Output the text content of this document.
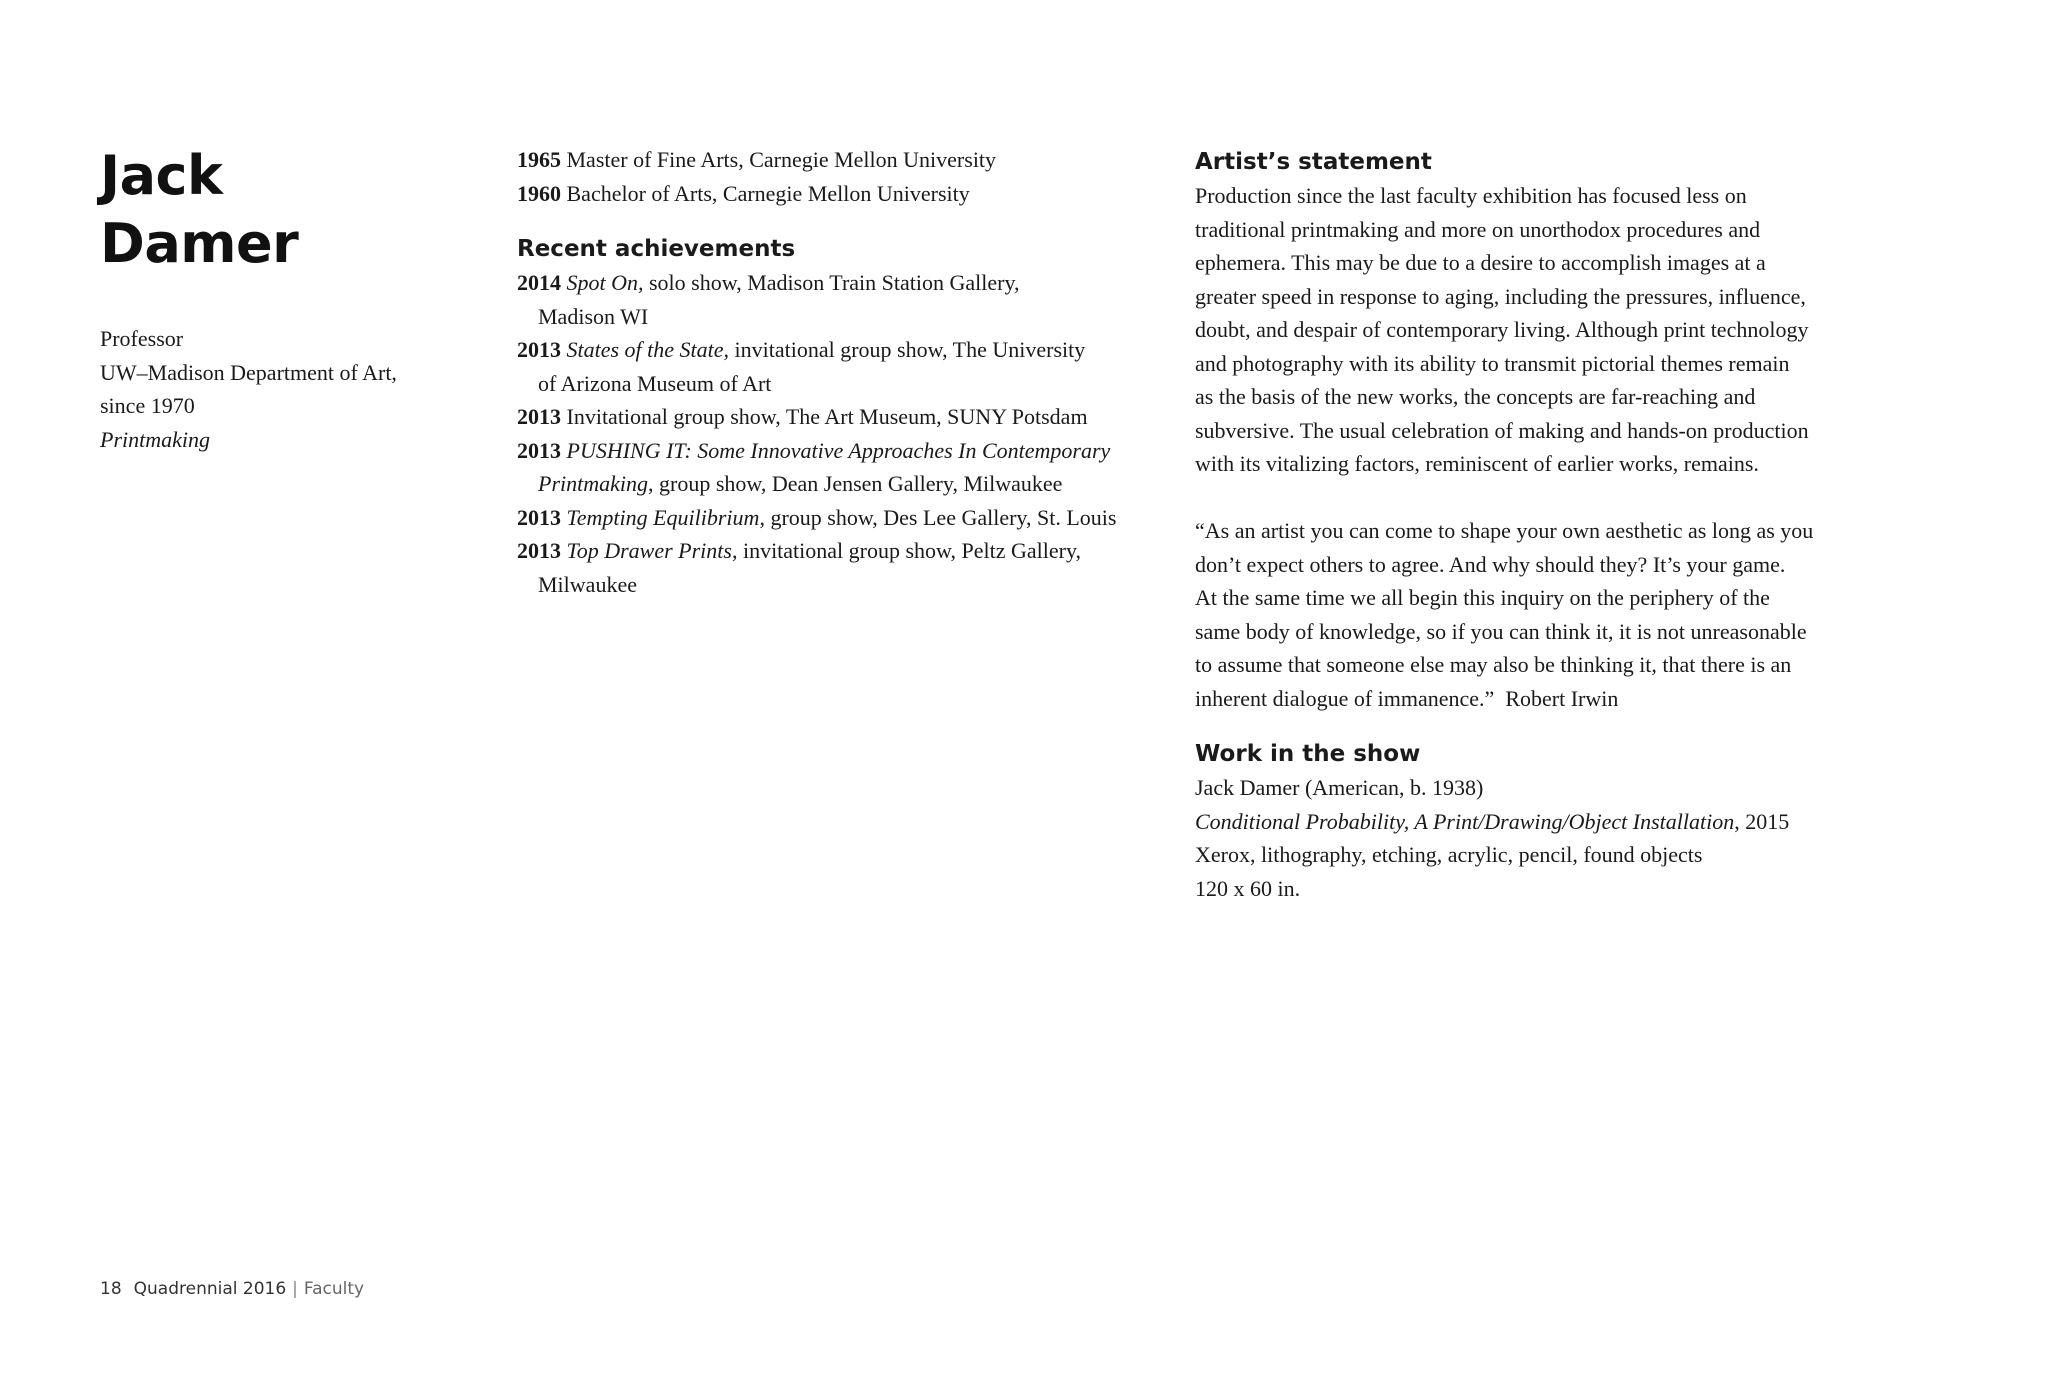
Jack
Damer
Professor
UW–Madison Department of Art,
since 1970
Printmaking
1965 Master of Fine Arts, Carnegie Mellon University
1960 Bachelor of Arts, Carnegie Mellon University
Recent achievements
2014 Spot On, solo show, Madison Train Station Gallery,
Madison WI
2013 States of the State, invitational group show, The University
of Arizona Museum of Art
2013 Invitational group show, The Art Museum, SUNY Potsdam
2013 PUSHING IT: Some Innovative Approaches In Contemporary
Printmaking, group show, Dean Jensen Gallery, Milwaukee
2013 Tempting Equilibrium, group show, Des Lee Gallery, St. Louis
2013 Top Drawer Prints, invitational group show, Peltz Gallery,
Milwaukee
Artist’s statement
Production since the last faculty exhibition has focused less on
traditional printmaking and more on unorthodox procedures and
ephemera. This may be due to a desire to accomplish images at a
greater speed in response to aging, including the pressures, influence,
doubt, and despair of contemporary living. Although print technology
and photography with its ability to transmit pictorial themes remain
as the basis of the new works, the concepts are far-reaching and
subversive. The usual celebration of making and hands-on production
with its vitalizing factors, reminiscent of earlier works, remains.
“As an artist you can come to shape your own aesthetic as long as you
don’t expect others to agree. And why should they? It’s your game.
At the same time we all begin this inquiry on the periphery of the
same body of knowledge, so if you can think it, it is not unreasonable
to assume that someone else may also be thinking it, that there is an
inherent dialogue of immanence.”  Robert Irwin
Work in the show
Jack Damer (American, b. 1938)
Conditional Probability, A Print/Drawing/Object Installation, 2015
Xerox, lithography, etching, acrylic, pencil, found objects
120 x 60 in.
18 Quadrennial 2016 | Faculty
